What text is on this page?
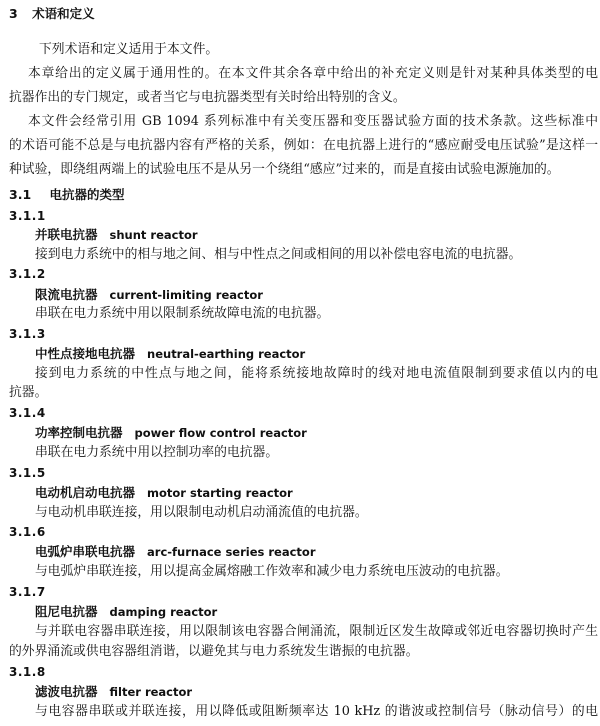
3 术语和定义
下列术语和定义适用于本文件。
本章给出的定义属于通用性的。在本文件其余各章中给出的补充定义则是针对某种具体类型的电
抗器作出的专门规定，或者当它与电抗器类型有关时给出特别的含义。
本文件会经常引用 GB 1094 系列标准中有关变压器和变压器试验方面的技术条款。这些标准中
的术语可能不总是与电抗器内容有严格的关系，例如：在电抗器上进行的“感应耐受电压试验”是这样一
种试验，即绕组两端上的试验电压不是从另一个绕组“感应”过来的，而是直接由试验电源施加的。
3.1 电抗器的类型
3.1.1
并联电抗器 shunt reactor
接到电力系统中的相与地之间、相与中性点之间或相间的用以补偿电容电流的电抗器。
3.1.2
限流电抗器 current-limiting reactor
串联在电力系统中用以限制系统故障电流的电抗器。
3.1.3
中性点接地电抗器 neutral-earthing reactor
接到电力系统的中性点与地之间，能将系统接地故障时的线对地电流值限制到要求值以内的电
抗器。
3.1.4
功率控制电抗器 power flow control reactor
串联在电力系统中用以控制功率的电抗器。
3.1.5
电动机启动电抗器 motor starting reactor
与电动机串联连接，用以限制电动机启动涌流值的电抗器。
3.1.6
电弧炉串联电抗器 arc-furnace series reactor
与电弧炉串联连接，用以提高金属熔融工作效率和减少电力系统电压波动的电抗器。
3.1.7
阻尼电抗器 damping reactor
与并联电容器串联连接，用以限制该电容器合闸涌流，限制近区发生故障或邻近电容器切换时产生
的外界涌流或供电容器组消谐，以避免其与电力系统发生谐振的电抗器。
3.1.8
滤波电抗器 filter reactor
与电容器串联或并联连接，用以降低或阻断频率达 10 kHz 的谐波或控制信号（脉动信号）的电
